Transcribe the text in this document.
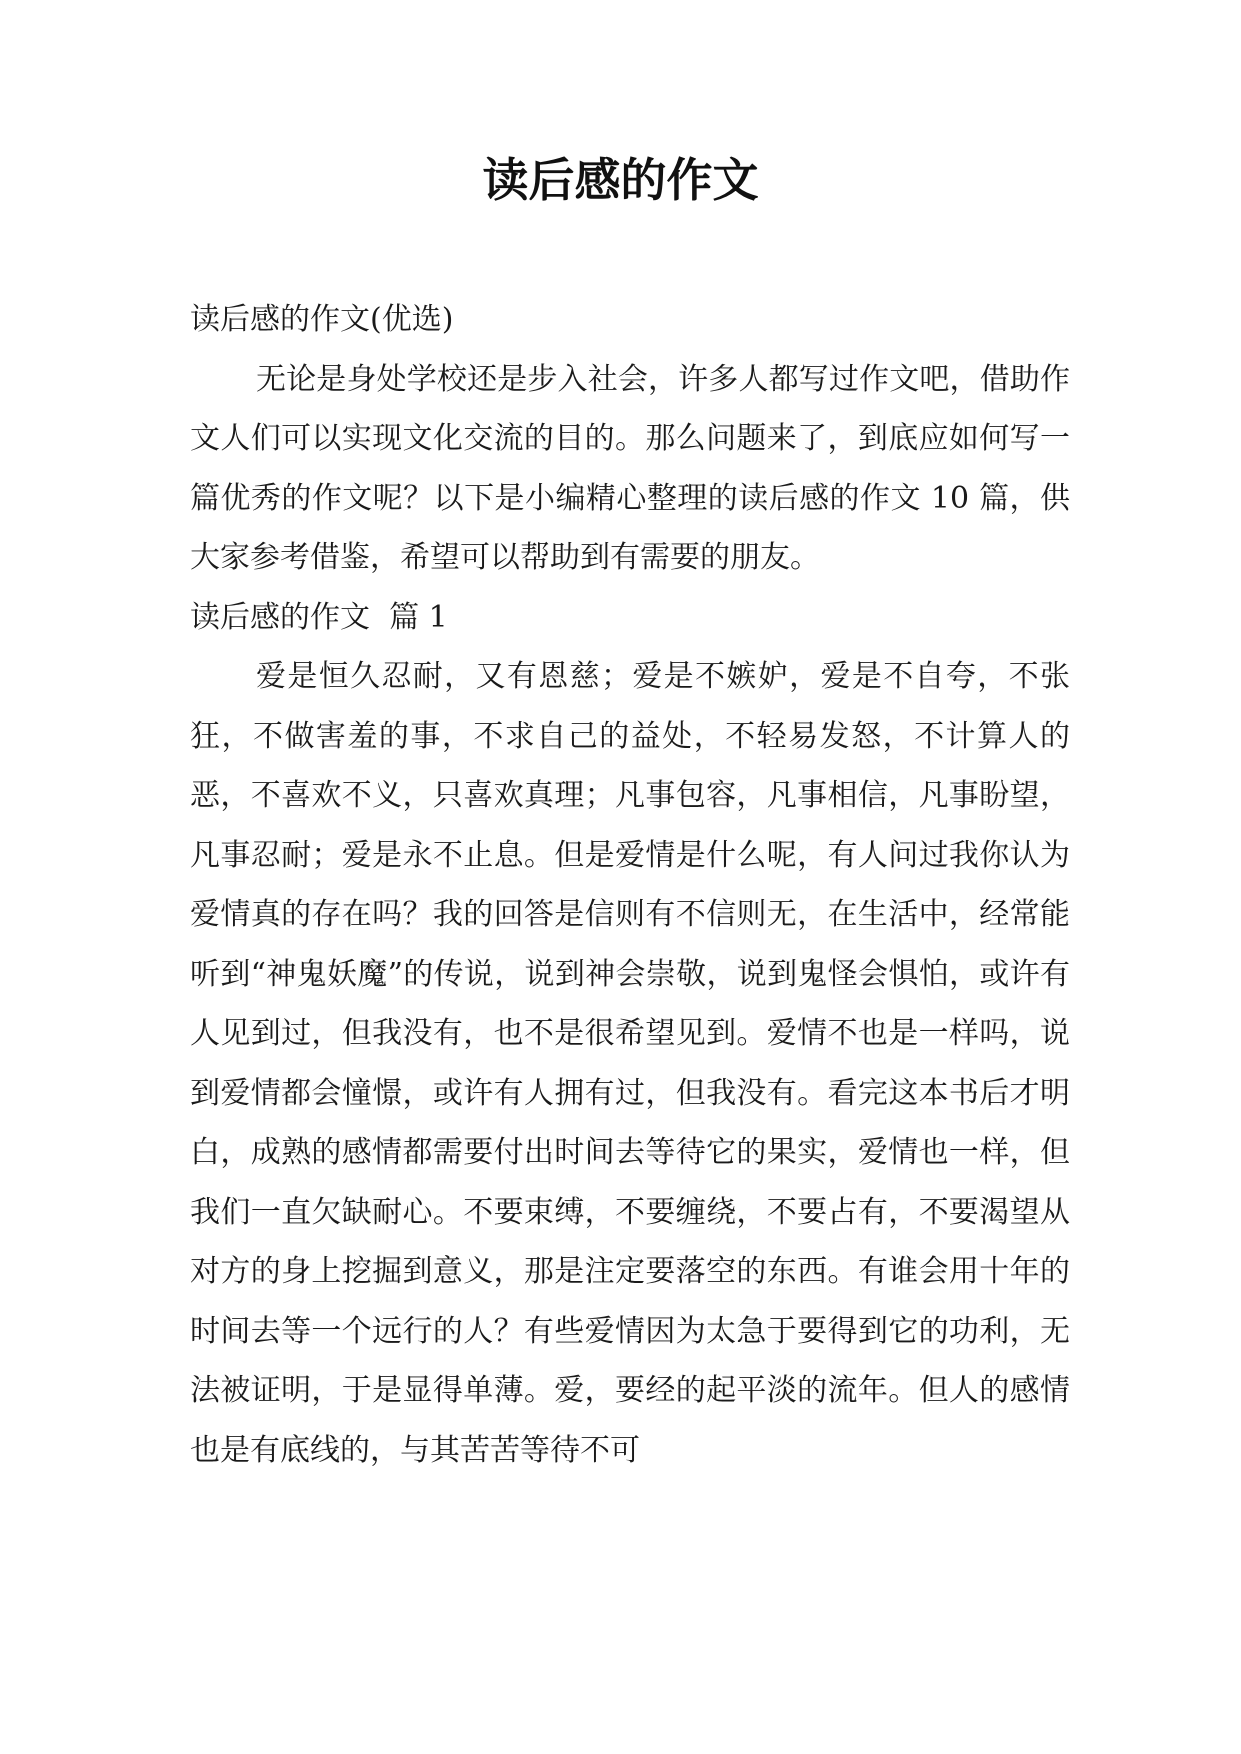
读后感的作文

读后感的作文(优选)

无论是身处学校还是步入社会，许多人都写过作文吧，借助作文人们可以实现文化交流的目的。那么问题来了，到底应如何写一篇优秀的作文呢？以下是小编精心整理的读后感的作文 10 篇，供大家参考借鉴，希望可以帮助到有需要的朋友。

读后感的作文  篇 1

爱是恒久忍耐，又有恩慈；爱是不嫉妒，爱是不自夸，不张狂，不做害羞的事，不求自己的益处，不轻易发怒，不计算人的恶，不喜欢不义，只喜欢真理；凡事包容，凡事相信，凡事盼望，凡事忍耐；爱是永不止息。但是爱情是什么呢，有人问过我你认为爱情真的存在吗？我的回答是信则有不信则无，在生活中，经常能听到“神鬼妖魔”的传说，说到神会崇敬，说到鬼怪会惧怕，或许有人见到过，但我没有，也不是很希望见到。爱情不也是一样吗，说到爱情都会憧憬，或许有人拥有过，但我没有。看完这本书后才明白，成熟的感情都需要付出时间去等待它的果实，爱情也一样，但我们一直欠缺耐心。不要束缚，不要缠绕，不要占有，不要渴望从对方的身上挖掘到意义，那是注定要落空的东西。有谁会用十年的时间去等一个远行的人？有些爱情因为太急于要得到它的功利，无法被证明，于是显得单薄。爱，要经的起平淡的流年。但人的感情也是有底线的，与其苦苦等待不可
